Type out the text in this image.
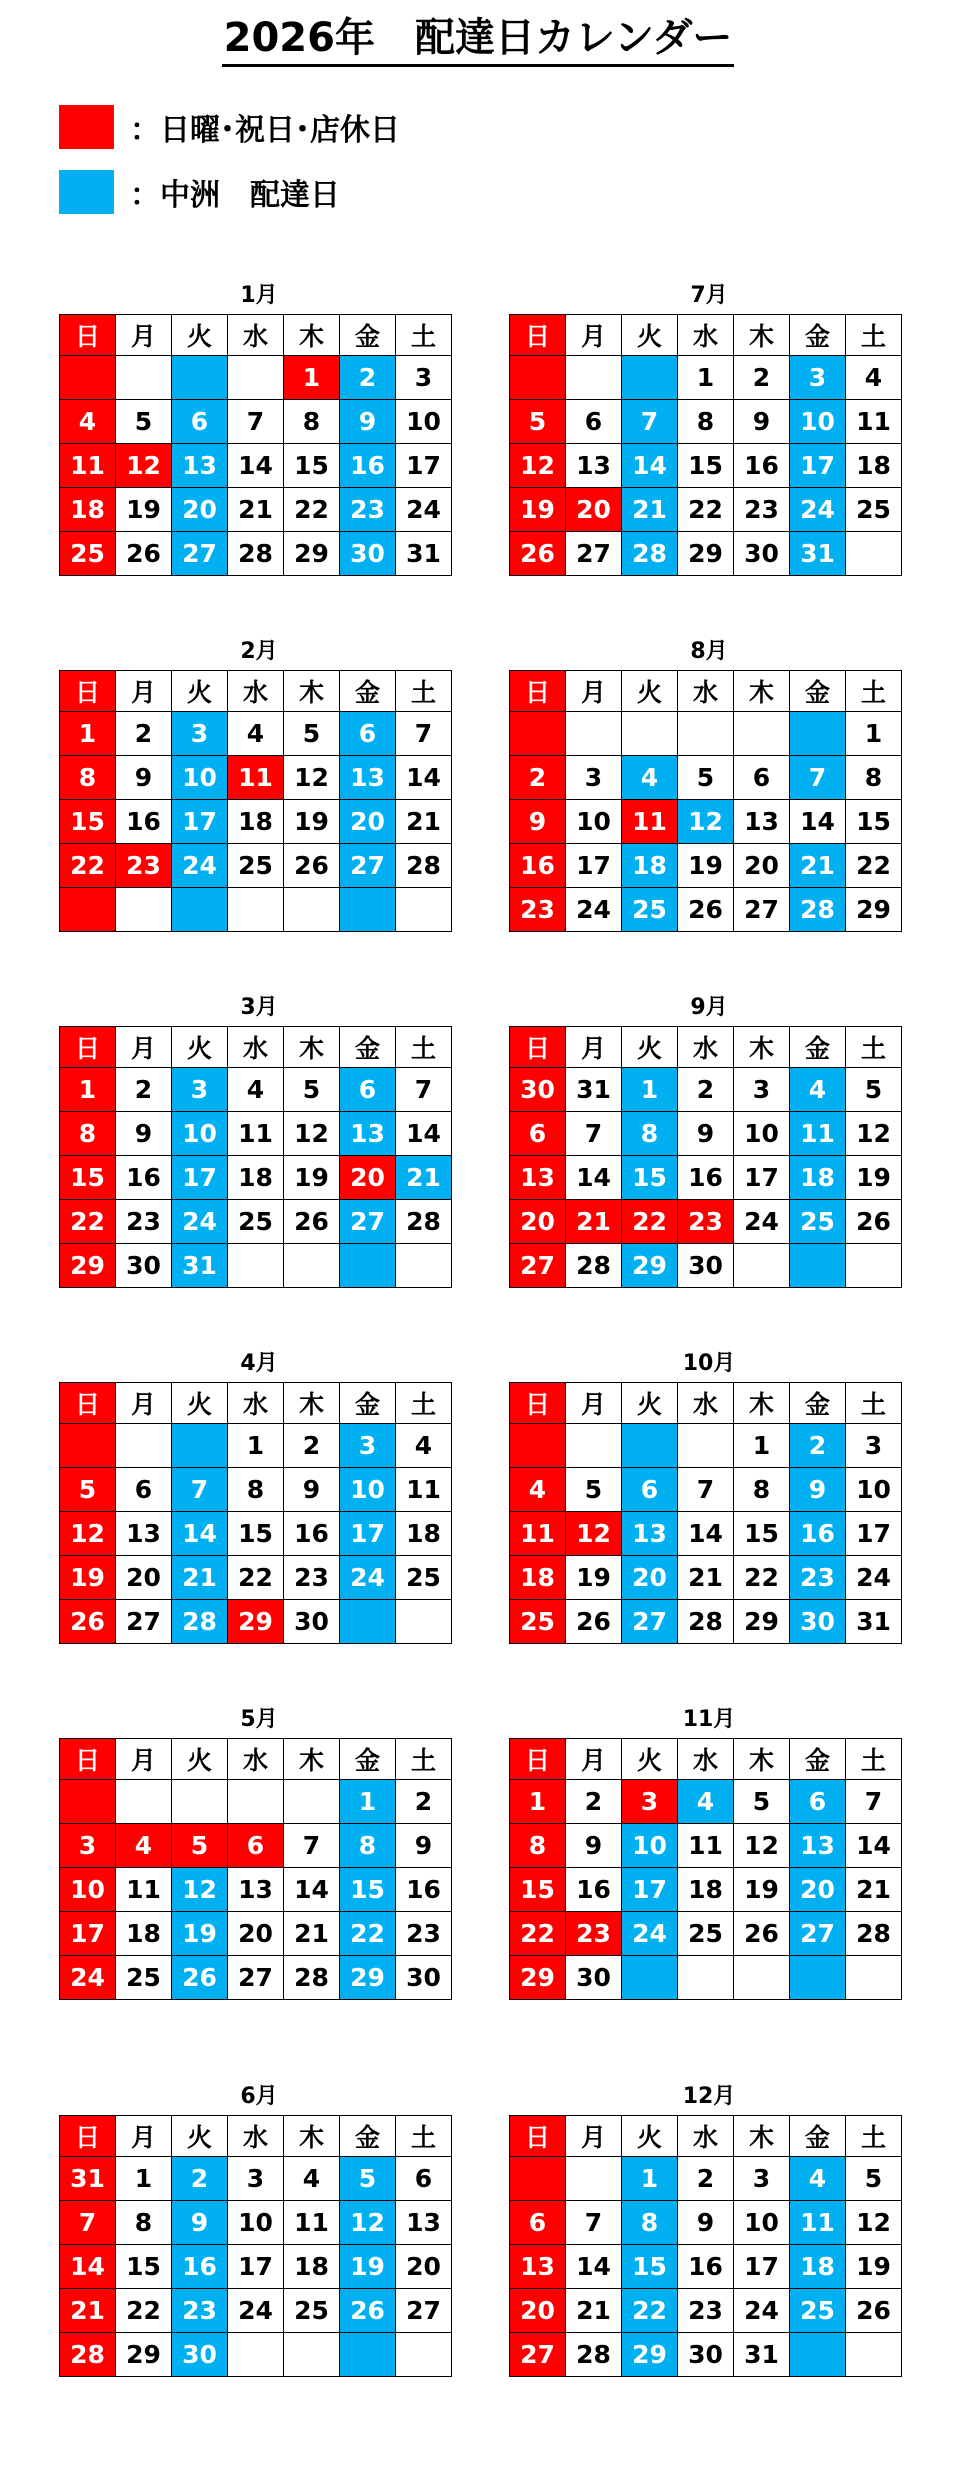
2026年　配達日カレンダー
：日曜･祝日･店休日
：中洲　配達日
1月
日	月	火	水	木	金	土
				1	2	3
4	5	6	7	8	9	10
11	12	13	14	15	16	17
18	19	20	21	22	23	24
25	26	27	28	29	30	31
7月
日	月	火	水	木	金	土
			1	2	3	4
5	6	7	8	9	10	11
12	13	14	15	16	17	18
19	20	21	22	23	24	25
26	27	28	29	30	31	
2月
日	月	火	水	木	金	土
1	2	3	4	5	6	7
8	9	10	11	12	13	14
15	16	17	18	19	20	21
22	23	24	25	26	27	28

8月
日	月	火	水	木	金	土
						1
2	3	4	5	6	7	8
9	10	11	12	13	14	15
16	17	18	19	20	21	22
23	24	25	26	27	28	29
3月
日	月	火	水	木	金	土
1	2	3	4	5	6	7
8	9	10	11	12	13	14
15	16	17	18	19	20	21
22	23	24	25	26	27	28
29	30	31				
9月
日	月	火	水	木	金	土
30	31	1	2	3	4	5
6	7	8	9	10	11	12
13	14	15	16	17	18	19
20	21	22	23	24	25	26
27	28	29	30			
4月
日	月	火	水	木	金	土
			1	2	3	4
5	6	7	8	9	10	11
12	13	14	15	16	17	18
19	20	21	22	23	24	25
26	27	28	29	30		
10月
日	月	火	水	木	金	土
				1	2	3
4	5	6	7	8	9	10
11	12	13	14	15	16	17
18	19	20	21	22	23	24
25	26	27	28	29	30	31
5月
日	月	火	水	木	金	土
					1	2
3	4	5	6	7	8	9
10	11	12	13	14	15	16
17	18	19	20	21	22	23
24	25	26	27	28	29	30
11月
日	月	火	水	木	金	土
1	2	3	4	5	6	7
8	9	10	11	12	13	14
15	16	17	18	19	20	21
22	23	24	25	26	27	28
29	30					
6月
日	月	火	水	木	金	土
31	1	2	3	4	5	6
7	8	9	10	11	12	13
14	15	16	17	18	19	20
21	22	23	24	25	26	27
28	29	30				
12月
日	月	火	水	木	金	土
		1	2	3	4	5
6	7	8	9	10	11	12
13	14	15	16	17	18	19
20	21	22	23	24	25	26
27	28	29	30	31		
